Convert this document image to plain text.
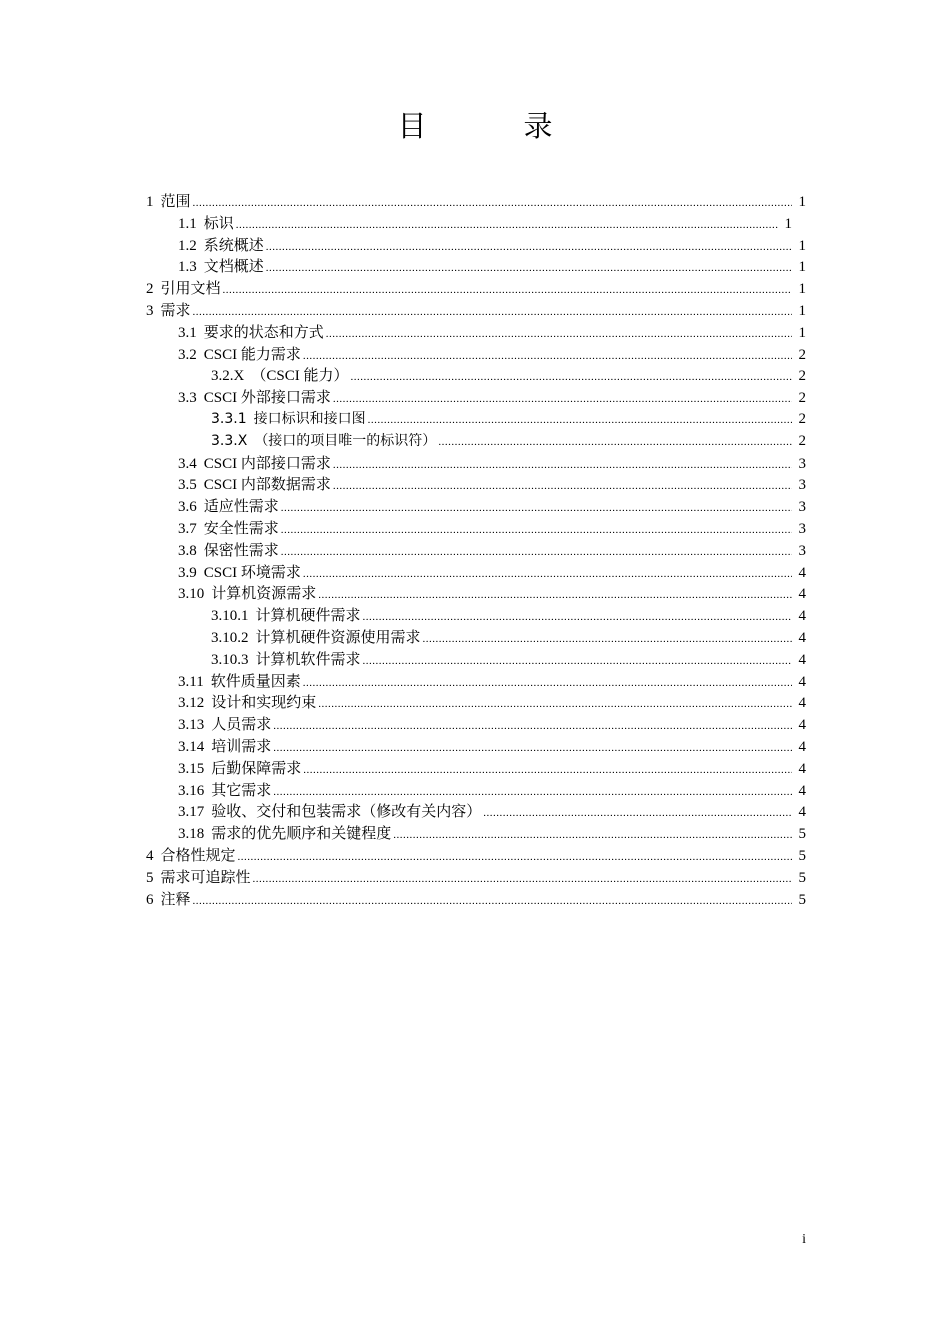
目　录
1 范围 .....	1
1.1 标识 .....	1
1.2 系统概述 .....	1
1.3 文档概述 .....	1
2 引用文档 .....	1
3 需求 .....	1
3.1 要求的状态和方式 .....	1
3.2 CSCI 能力需求 .....	2
3.2.X （CSCI 能力） .....	2
3.3 CSCI 外部接口需求 .....	2
3.3.1 接口标识和接口图 .....	2
3.3.X （接口的项目唯一的标识符） .....	2
3.4 CSCI 内部接口需求 .....	3
3.5 CSCI 内部数据需求 .....	3
3.6 适应性需求 .....	3
3.7 安全性需求 .....	3
3.8 保密性需求 .....	3
3.9 CSCI 环境需求 .....	4
3.10 计算机资源需求 .....	4
3.10.1 计算机硬件需求 .....	4
3.10.2 计算机硬件资源使用需求 .....	4
3.10.3 计算机软件需求 .....	4
3.11 软件质量因素 .....	4
3.12 设计和实现约束 .....	4
3.13 人员需求 .....	4
3.14 培训需求 .....	4
3.15 后勤保障需求 .....	4
3.16 其它需求 .....	4
3.17 验收、交付和包装需求（修改有关内容） .....	4
3.18 需求的优先顺序和关键程度 .....	5
4 合格性规定 .....	5
5 需求可追踪性 .....	5
6 注释 .....	5
i
